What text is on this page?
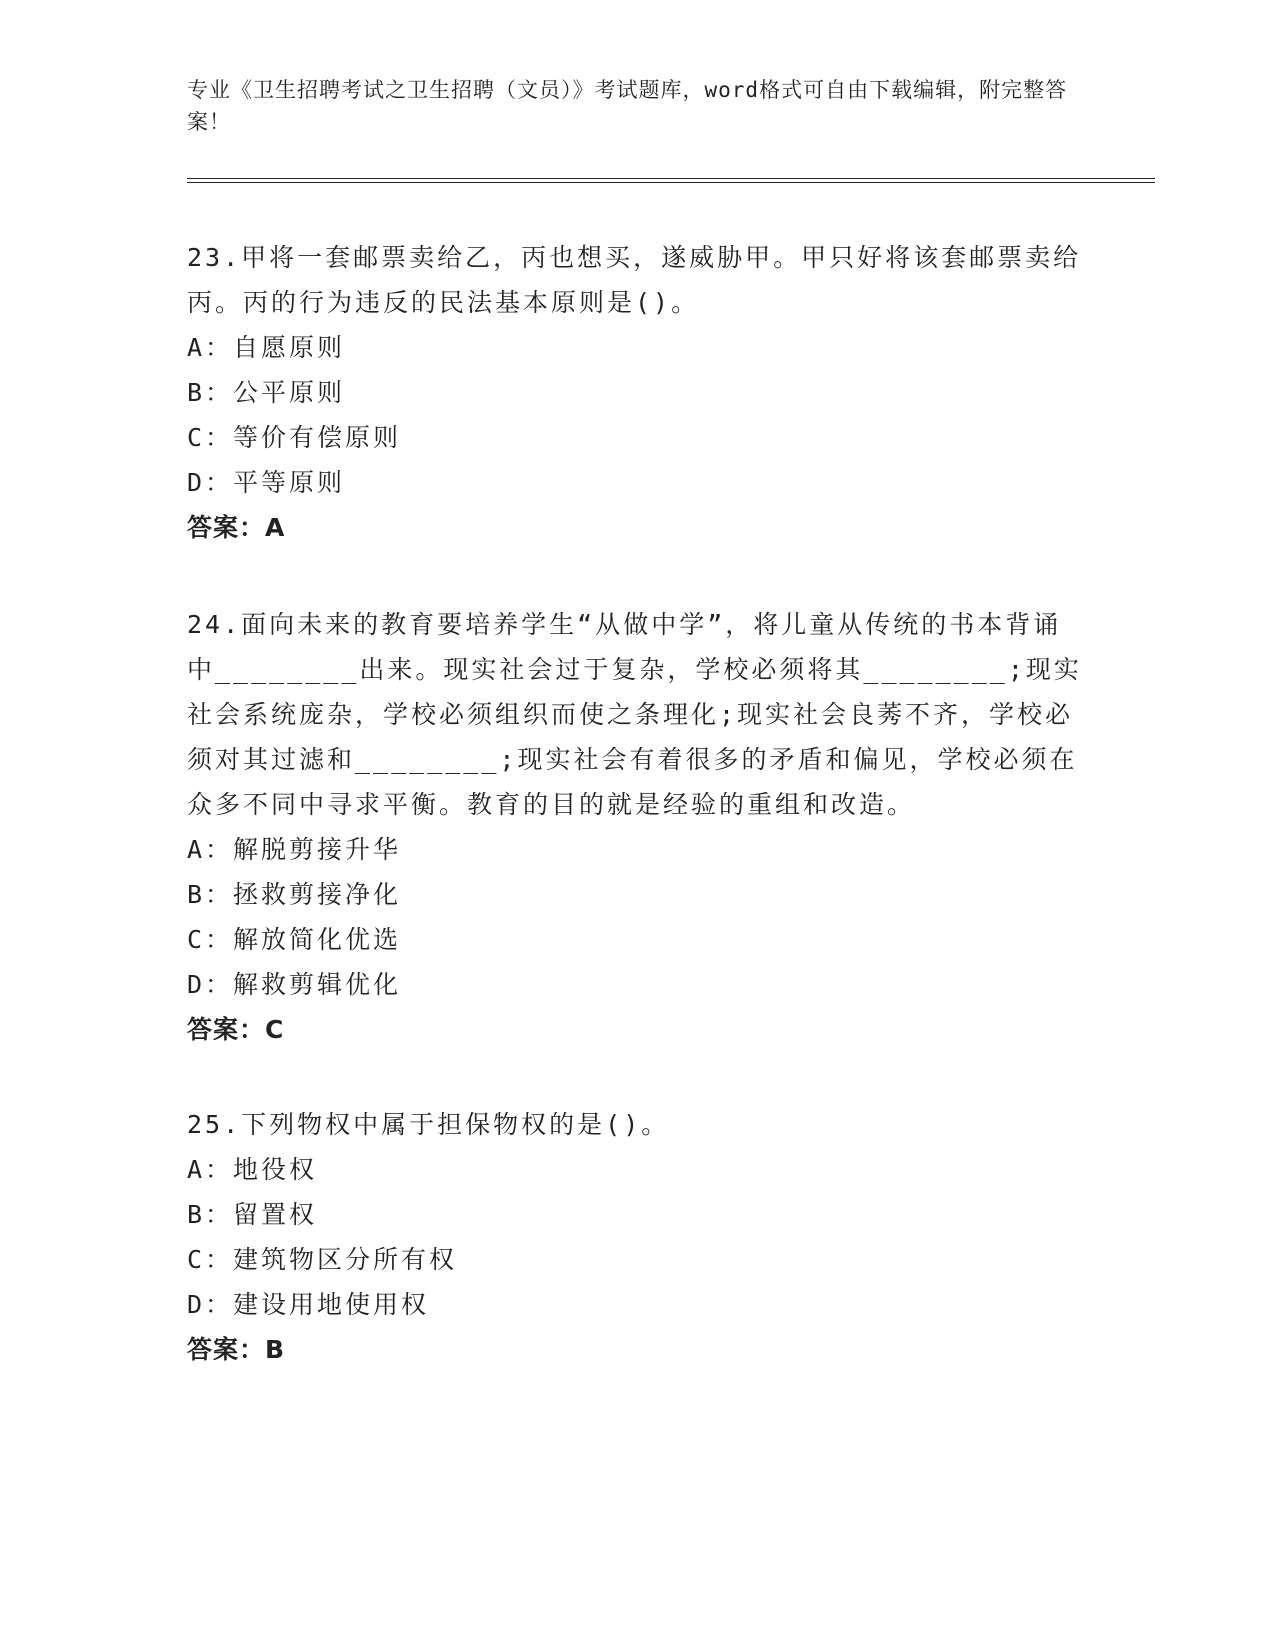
专业《卫生招聘考试之卫生招聘（文员）》考试题库，word格式可自由下载编辑，附完整答案！
23.甲将一套邮票卖给乙，丙也想买，遂威胁甲。甲只好将该套邮票卖给丙。丙的行为违反的民法基本原则是()。
A：自愿原则
B：公平原则
C：等价有偿原则
D：平等原则
答案：A
24.面向未来的教育要培养学生“从做中学”，将儿童从传统的书本背诵中________出来。现实社会过于复杂，学校必须将其________;现实社会系统庞杂，学校必须组织而使之条理化;现实社会良莠不齐，学校必须对其过滤和________;现实社会有着很多的矛盾和偏见，学校必须在众多不同中寻求平衡。教育的目的就是经验的重组和改造。
A：解脱剪接升华
B：拯救剪接净化
C：解放简化优选
D：解救剪辑优化
答案：C
25.下列物权中属于担保物权的是()。
A：地役权
B：留置权
C：建筑物区分所有权
D：建设用地使用权
答案：B
